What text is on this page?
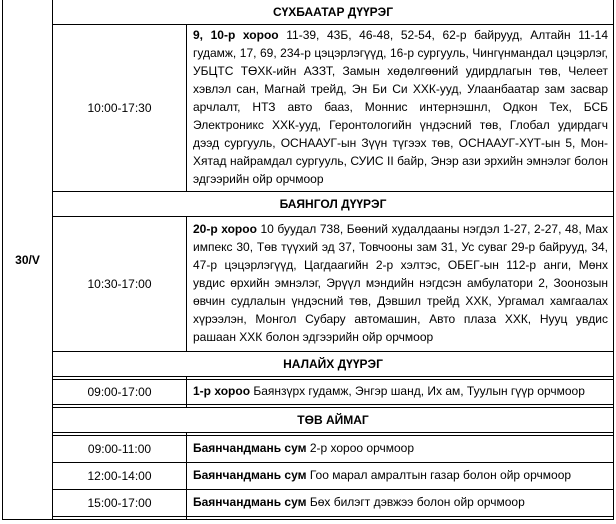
30/V	СҮХБААТАР ДҮҮРЭГ	
	10:00-17:30	9, 10-р хороо 11-39, 43Б, 46-48, 52-54, 62-р байрууд, Алтайн 11-14 гудамж, 17, 69, 234-р цэцэрлэгүүд, 16-р сургууль, Чингүнмандал цэцэрлэг, УБЦТС ТӨХК-ийн АЗЗТ, Замын хөдөлгөөний удирдлагын төв, Челеет хэвлэл сан, Магнай трейд, Эн Би Си ХХК-ууд, Улаанбаатар зам засвар арчлалт, НТЗ авто бааз, Моннис интернэшнл, Одкон Тех, БСБ Электроникс ХХК-ууд, Геронтологийн үндэсний төв, Глобал удирдагч дээд сургууль, ОСНААУГ-ын Зүүн түгээх төв, ОСНААУГ-ХҮТ-ын 5, Мон-Хятад найрамдал сургууль, СУИС II байр, Энэр ази эрхийн эмнэлэг болон эдгээрийн ойр орчмоор
	БАЯНГОЛ ДҮҮРЭГ	
	10:30-17:00	20-р хороо 10 буудал 738, Бөөний худалдааны нэгдэл 1-27, 2-27, 48, Мах импекс 30, Төв түүхий эд 37, Товчооны зам 31, Ус суваг 29-р байрууд, 34, 47-р цэцэрлэгүүд, Цагдаагийн 2-р хэлтэс, ОБЕГ-ын 112-р анги, Мөнх увдис өрхийн эмнэлэг, Эрүүл мэндийн нэгдсэн амбулатори 2, Зоонозын өвчин судлалын үндэсний төв, Дэвшил трейд ХХК, Ургамал хамгаалах хүрээлэн, Монгол Субару автомашин, Авто плаза ХХК, Нууц увдис рашаан ХХК болон эдгээрийн ойр орчмоор
	НАЛАЙХ ДҮҮРЭГ	

	09:00-17:00	1-р хороо Баянзүрх гудамж, Энгэр шанд, Их ам, Туулын гүүр орчмоор

	ТӨВ АЙМАГ	

	09:00-11:00	Баянчандмань сум 2-р хороо орчмоор
	12:00-14:00	Баянчандмань сум Гоо марал амралтын газар болон ойр орчмоор
	15:00-17:00	Баянчандмань сум Бөх билэгт дэвжээ болон ойр орчмоор
